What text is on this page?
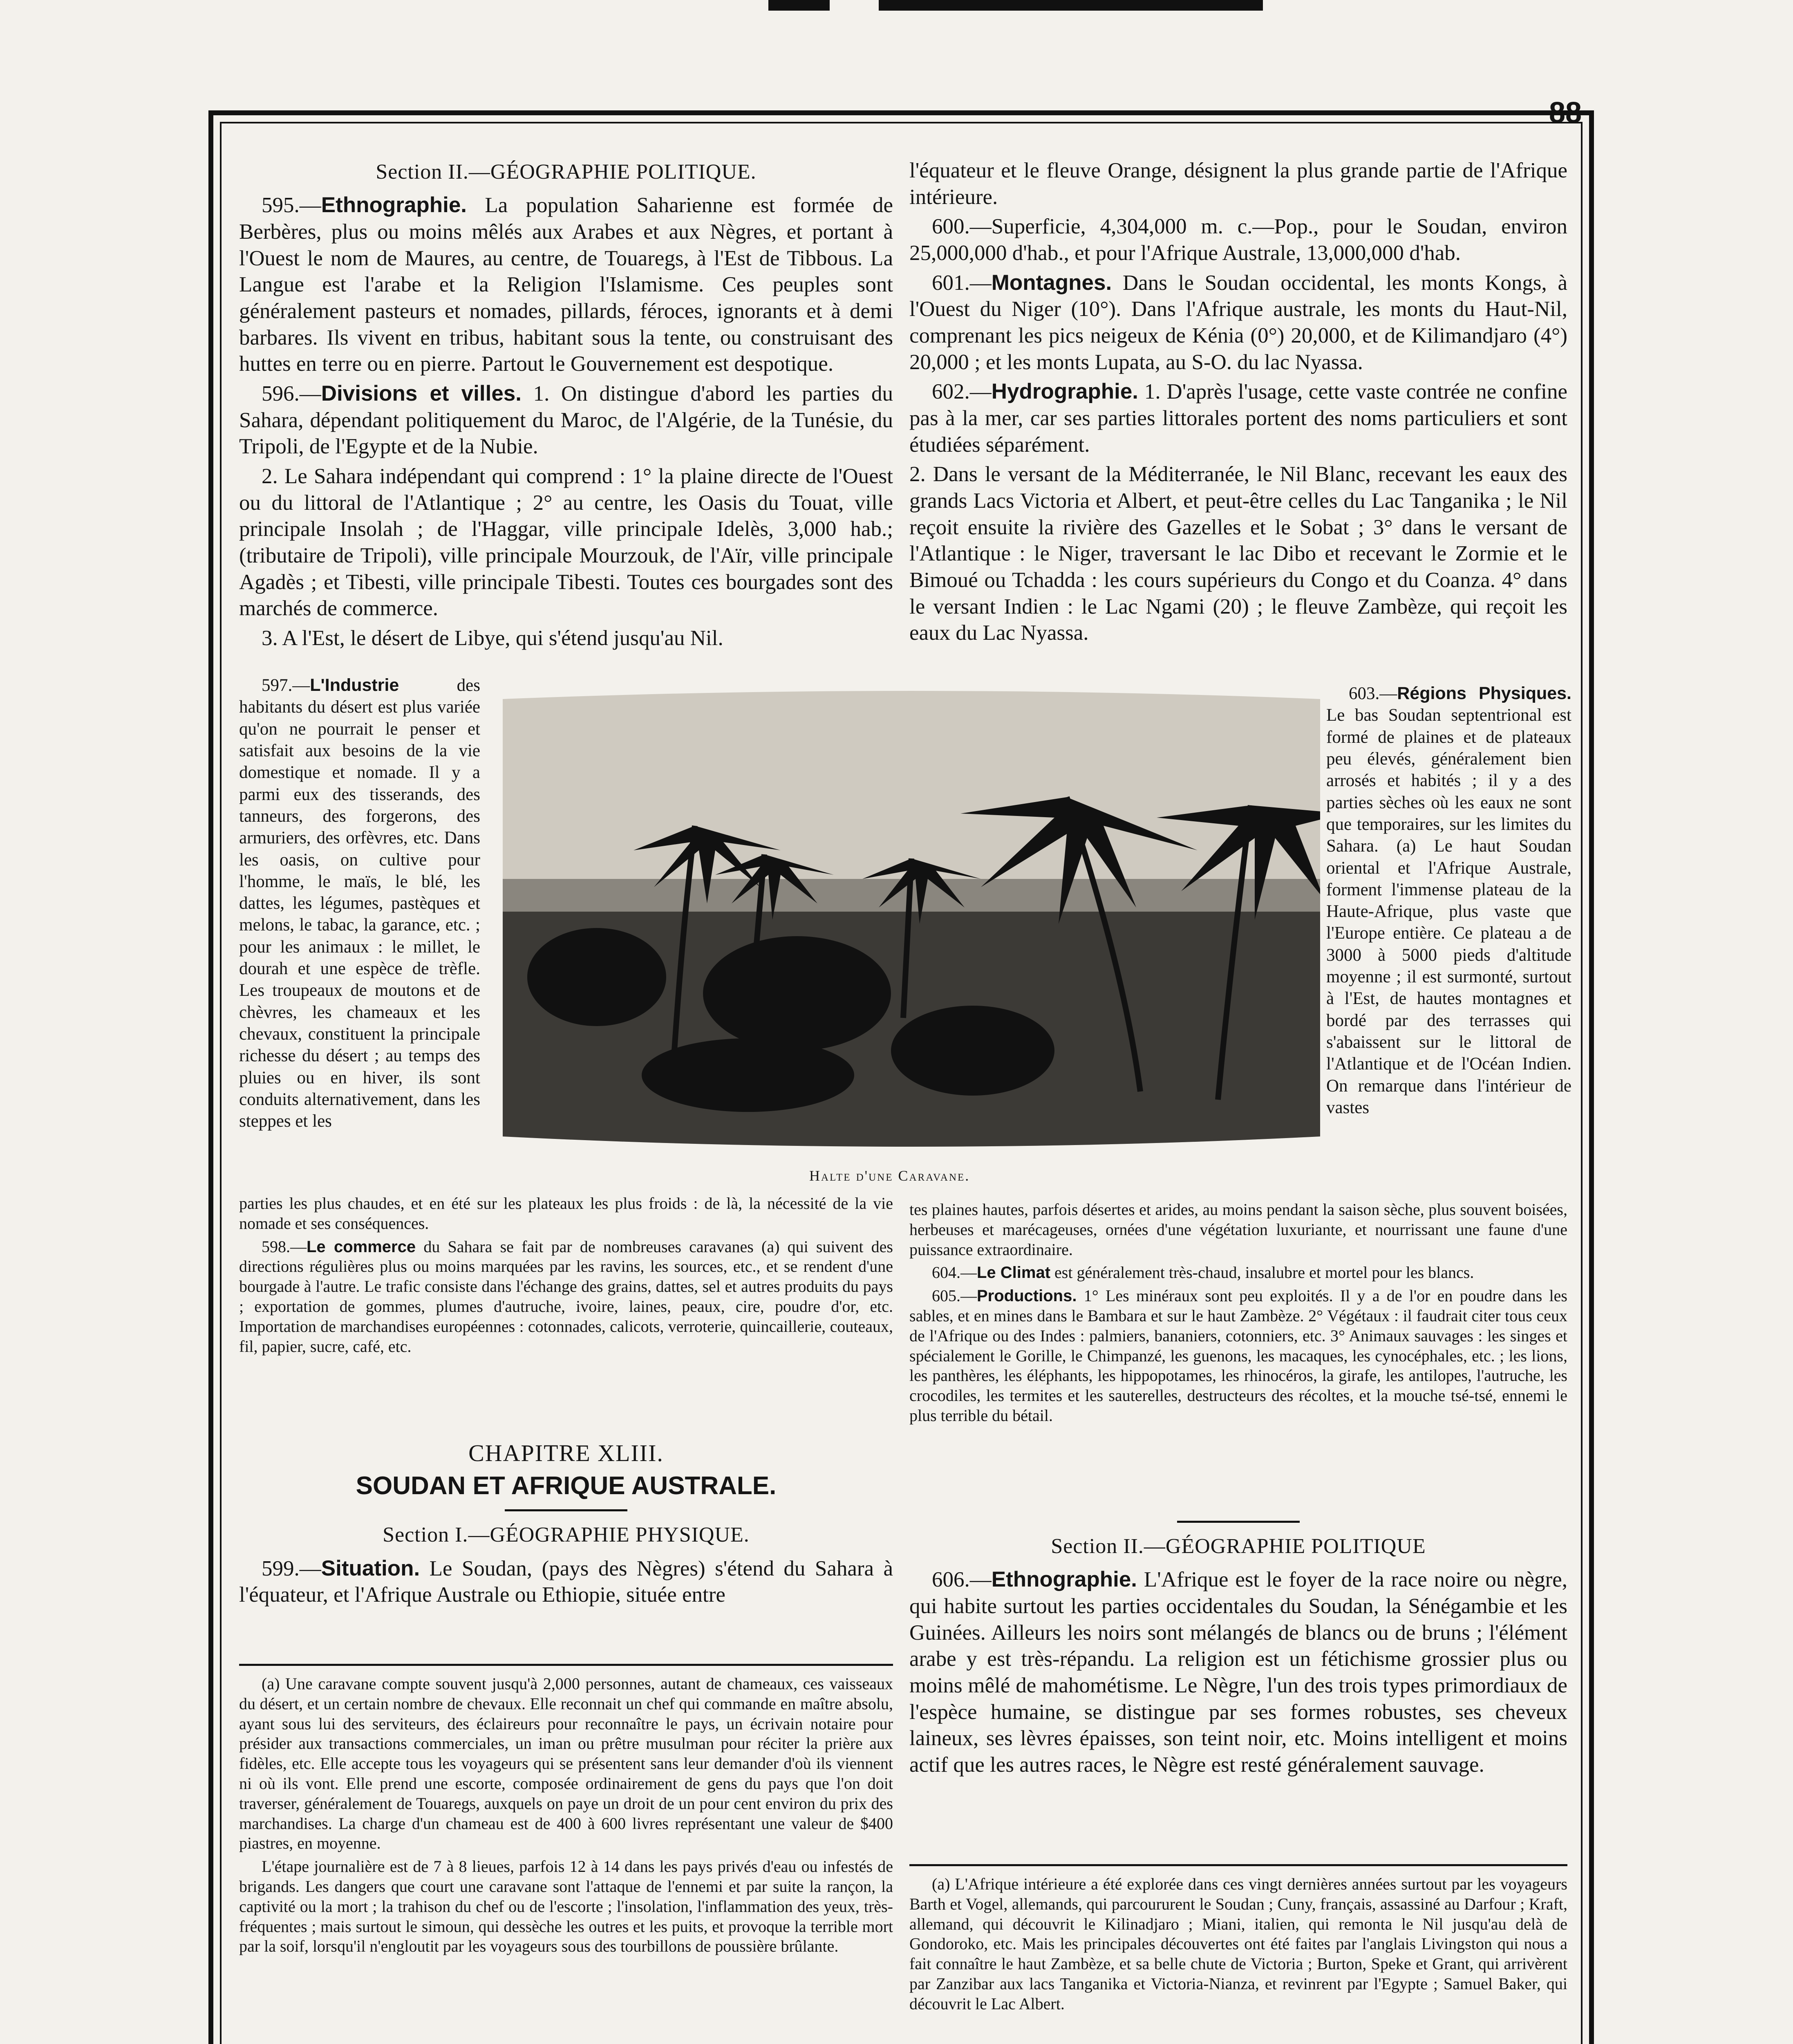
88
Section II.—GÉOGRAPHIE POLITIQUE.

595.—Ethnographie. La population Saharienne est formée de Berbères, plus ou moins mêlés aux Arabes et aux Nègres, et portant à l'Ouest le nom de Maures, au centre, de Touaregs, à l'Est de Tibbous. La Langue est l'arabe et la Religion l'Islamisme. Ces peuples sont généralement pasteurs et nomades, pillards, féroces, ignorants et à demi barbares. Ils vivent en tribus, habitant sous la tente, ou construisant des huttes en terre ou en pierre. Partout le Gouvernement est despotique.

596.—Divisions et villes. 1. On distingue d'abord les parties du Sahara, dépendant politiquement du Maroc, de l'Algérie, de la Tunésie, du Tripoli, de l'Egypte et de la Nubie.

2. Le Sahara indépendant qui comprend : 1° la plaine directe de l'Ouest ou du littoral de l'Atlantique ; 2° au centre, les Oasis du Touat, ville principale Insolah ; de l'Haggar, ville principale Idelès, 3,000 hab.; (tributaire de Tripoli), ville principale Mourzouk, de l'Aïr, ville principale Agadès ; et Tibesti, ville principale Tibesti. Toutes ces bourgades sont des marchés de commerce.

3. A l'Est, le désert de Libye, qui s'étend jusqu'au Nil.

597.—L'Industrie	des habitants du désert est plus variée qu'on ne pourrait le penser et satisfait aux besoins de la vie domestique et nomade. Il y a parmi eux des tisserands, des tanneurs, des forgerons, des armuriers, des orfèvres, etc. Dans les oasis, on cultive pour l'homme, le maïs, le blé, les dattes, les légumes, pastèques et melons, le tabac, la garance, etc. ; pour les animaux : le millet, le dourah et une espèce de trèfle. Les troupeaux de moutons et de chèvres, les chameaux et les chevaux, constituent la principale richesse du désert ; au temps des pluies ou en hiver, ils sont conduits alternativement, dans les steppes et les

Halte d'une Caravane.

parties les plus chaudes, et en été sur les plateaux les plus froids : de là, la nécessité de la vie nomade et ses conséquences.

598.—Le commerce du Sahara se fait par de nombreuses caravanes (a) qui suivent des directions régulières plus ou moins marquées par les ravins, les sources, etc., et se rendent d'une bourgade à l'autre. Le trafic consiste dans l'échange des grains, dattes, sel et autres produits du pays ; exportation de gommes, plumes d'autruche, ivoire, laines, peaux, cire, poudre d'or, etc. Importation de marchandises européennes : cotonnades, calicots, verroterie, quincaillerie, couteaux, fil, papier, sucre, café, etc.

CHAPITRE XLIII.
SOUDAN ET AFRIQUE AUSTRALE.
Section I.—GÉOGRAPHIE PHYSIQUE.

599.—Situation. Le Soudan, (pays des Nègres) s'étend du Sahara à l'équateur, et l'Afrique Australe ou Ethiopie, située entre

(a) Une caravane compte souvent jusqu'à 2,000 personnes, autant de chameaux, ces vaisseaux du désert, et un certain nombre de chevaux. Elle reconnait un chef qui commande en maître absolu, ayant sous lui des serviteurs, des éclaireurs pour reconnaître le pays, un écrivain notaire pour présider aux transactions commerciales, un iman ou prêtre musulman pour réciter la prière aux fidèles, etc. Elle accepte tous les voyageurs qui se présentent sans leur demander d'où ils viennent ni où ils vont. Elle prend une escorte, composée ordinairement de gens du pays que l'on doit traverser, généralement de Touaregs, auxquels on paye un droit de un pour cent environ du prix des marchandises. La charge d'un chameau est de 400 à 600 livres représentant une valeur de $400 piastres, en moyenne.

L'étape journalière est de 7 à 8 lieues, parfois 12 à 14 dans les pays privés d'eau ou infestés de brigands. Les dangers que court une caravane sont l'attaque de l'ennemi et par suite la rançon, la captivité ou la mort ; la trahison du chef ou de l'escorte ; l'insolation, l'inflammation des yeux, très-fréquentes ; mais surtout le simoun, qui dessèche les outres et les puits, et provoque la terrible mort par la soif, lorsqu'il n'engloutit par les voyageurs sous des tourbillons de poussière brûlante.

l'équateur et le fleuve Orange, désignent la plus grande partie de l'Afrique intérieure.

600.—Superficie, 4,304,000 m. c.—Pop., pour le Soudan, environ 25,000,000 d'hab., et pour l'Afrique Australe, 13,000,000 d'hab.

601.—Montagnes. Dans le Soudan occidental, les monts Kongs, à l'Ouest du Niger (10°). Dans l'Afrique australe, les monts du Haut-Nil, comprenant les pics neigeux de Kénia (0°) 20,000, et de Kilimandjaro (4°) 20,000 ; et les monts Lupata, au S-O. du lac Nyassa.

602.—Hydrographie. 1. D'après l'usage, cette vaste contrée ne confine pas à la mer, car ses parties littorales portent des noms particuliers et sont étudiées séparément.

2. Dans le versant de la Méditerranée, le Nil Blanc, recevant les eaux des grands Lacs Victoria et Albert, et peut-être celles du Lac Tanganika ; le Nil reçoit ensuite la rivière des Gazelles et le Sobat ; 3° dans le versant de l'Atlantique : le Niger, traversant le lac Dibo et recevant le Zormie et le Bimoué ou Tchadda : les cours supérieurs du Congo et du Coanza. 4° dans le versant Indien : le Lac Ngami (20) ; le fleuve Zambèze, qui reçoit les eaux du Lac Nyassa.

603.—Régions Physiques. Le bas Soudan septentrional est formé de plaines et de plateaux peu élevés, généralement bien arrosés et habités ; il y a des parties sèches où les eaux ne sont que temporaires, sur les limites du Sahara. (a) Le haut Soudan oriental et l'Afrique Australe, forment l'immense plateau de la Haute-Afrique, plus vaste que l'Europe entière. Ce plateau a de 3000 à 5000 pieds d'altitude moyenne ; il est surmonté, surtout à l'Est, de hautes montagnes et bordé par des terrasses qui s'abaissent sur le littoral de l'Atlantique et de l'Océan Indien. On remarque dans l'intérieur de vastes

tes plaines hautes, parfois désertes et arides, au moins pendant la saison sèche, plus souvent boisées, herbeuses et marécageuses, ornées d'une végétation luxuriante, et nourrissant une faune d'une puissance extraordinaire.

604.—Le Climat est généralement très-chaud, insalubre et mortel pour les blancs.

605.—Productions. 1° Les minéraux sont peu exploités. Il y a de l'or en poudre dans les sables, et en mines dans le Bambara et sur le haut Zambèze. 2° Végétaux : il faudrait citer tous ceux de l'Afrique ou des Indes : palmiers, bananiers, cotonniers, etc. 3° Animaux sauvages : les singes et spécialement le Gorille, le Chimpanzé, les guenons, les macaques, les cynocéphales, etc. ; les lions, les panthères, les éléphants, les hippopotames, les rhinocéros, la girafe, les antilopes, l'autruche, les crocodiles, les termites et les sauterelles, destructeurs des récoltes, et la mouche tsé-tsé, ennemi le plus terrible du bétail.

Section II.—GÉOGRAPHIE POLITIQUE

606.—Ethnographie. L'Afrique est le foyer de la race noire ou nègre, qui habite surtout les parties occidentales du Soudan, la Sénégambie et les Guinées. Ailleurs les noirs sont mélangés de blancs ou de bruns ; l'élément arabe y est très-répandu. La religion est un fétichisme grossier plus ou moins mêlé de mahométisme. Le Nègre, l'un des trois types primordiaux de l'espèce humaine, se distingue par ses formes robustes, ses cheveux laineux, ses lèvres épaisses, son teint noir, etc. Moins intelligent et moins actif que les autres races, le Nègre est resté généralement sauvage.

(a) L'Afrique intérieure a été explorée dans ces vingt dernières années surtout par les voyageurs Barth et Vogel, allemands, qui parcoururent le Soudan ; Cuny, français, assassiné au Darfour ; Kraft, allemand, qui découvrit le Kilinadjaro ; Miani, italien, qui remonta le Nil jusqu'au delà de Gondoroko, etc. Mais les principales découvertes ont été faites par l'anglais Livingston qui nous a fait connaître le haut Zambèze, et sa belle chute de Victoria ; Burton, Speke et Grant, qui arrivèrent par Zanzibar aux lacs Tanganika et Victoria-Nianza, et revinrent par l'Egypte ; Samuel Baker, qui découvrit le Lac Albert.
